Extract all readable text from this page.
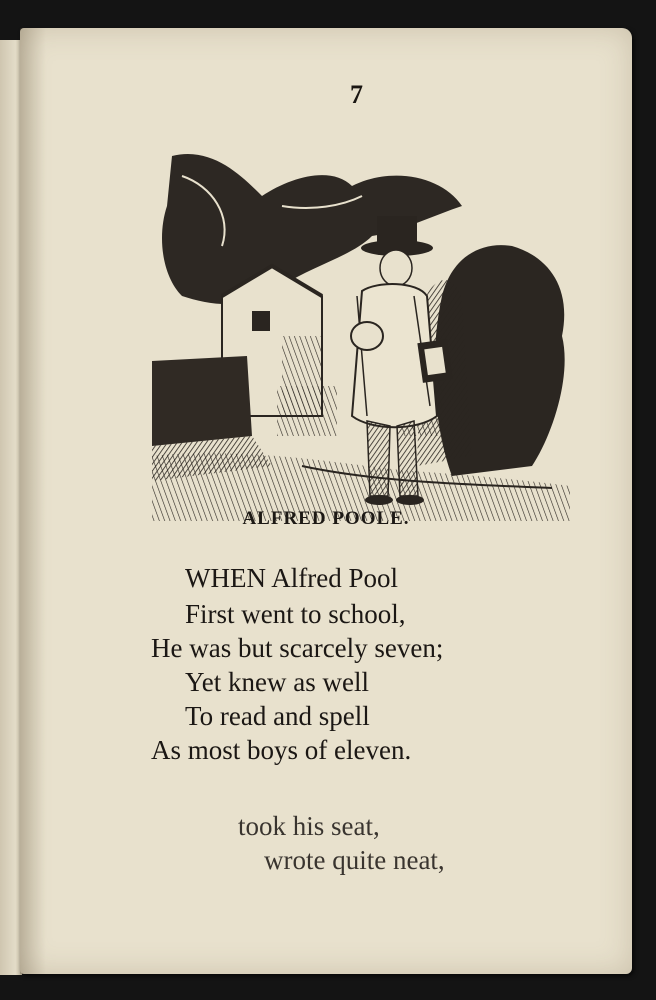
7
ALFRED POOLE.
WHEN Alfred Pool
First went to school,
He was but scarcely seven;
Yet knew as well
To read and spell
As most boys of eleven.
took his seat,
wrote quite neat,
